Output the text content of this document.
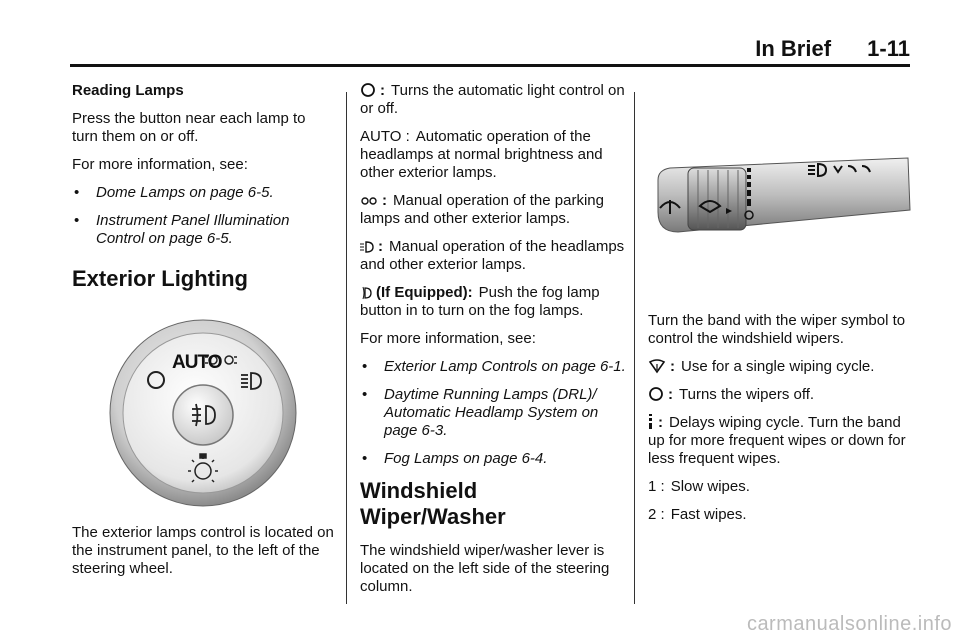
In Brief 1-11

Reading Lamps

Press the button near each lamp to turn them on or off.

For more information, see:

• Dome Lamps on page 6-5.
• Instrument Panel Illumination Control on page 6-5.
Exterior Lighting
AUTO

The exterior lamps control is located on the instrument panel, to the left of the steering wheel.

: Turns the automatic light control on or off.

AUTO : Automatic operation of the headlamps at normal brightness and other exterior lamps.

: Manual operation of the parking lamps and other exterior lamps.

: Manual operation of the headlamps and other exterior lamps.

(If Equipped): Push the fog lamp button in to turn on the fog lamps.

For more information, see:

• Exterior Lamp Controls on page 6-1.
• Daytime Running Lamps (DRL)/ Automatic Headlamp System on page 6-3.
• Fog Lamps on page 6-4.
Windshield Wiper/Washer

The windshield wiper/washer lever is located on the left side of the steering column.

Turn the band with the wiper symbol to control the windshield wipers.

: Use for a single wiping cycle.

: Turns the wipers off.

: Delays wiping cycle. Turn the band up for more frequent wipes or down for less frequent wipes.

1 : Slow wipes.

2 : Fast wipes.

carmanualsonline.info
